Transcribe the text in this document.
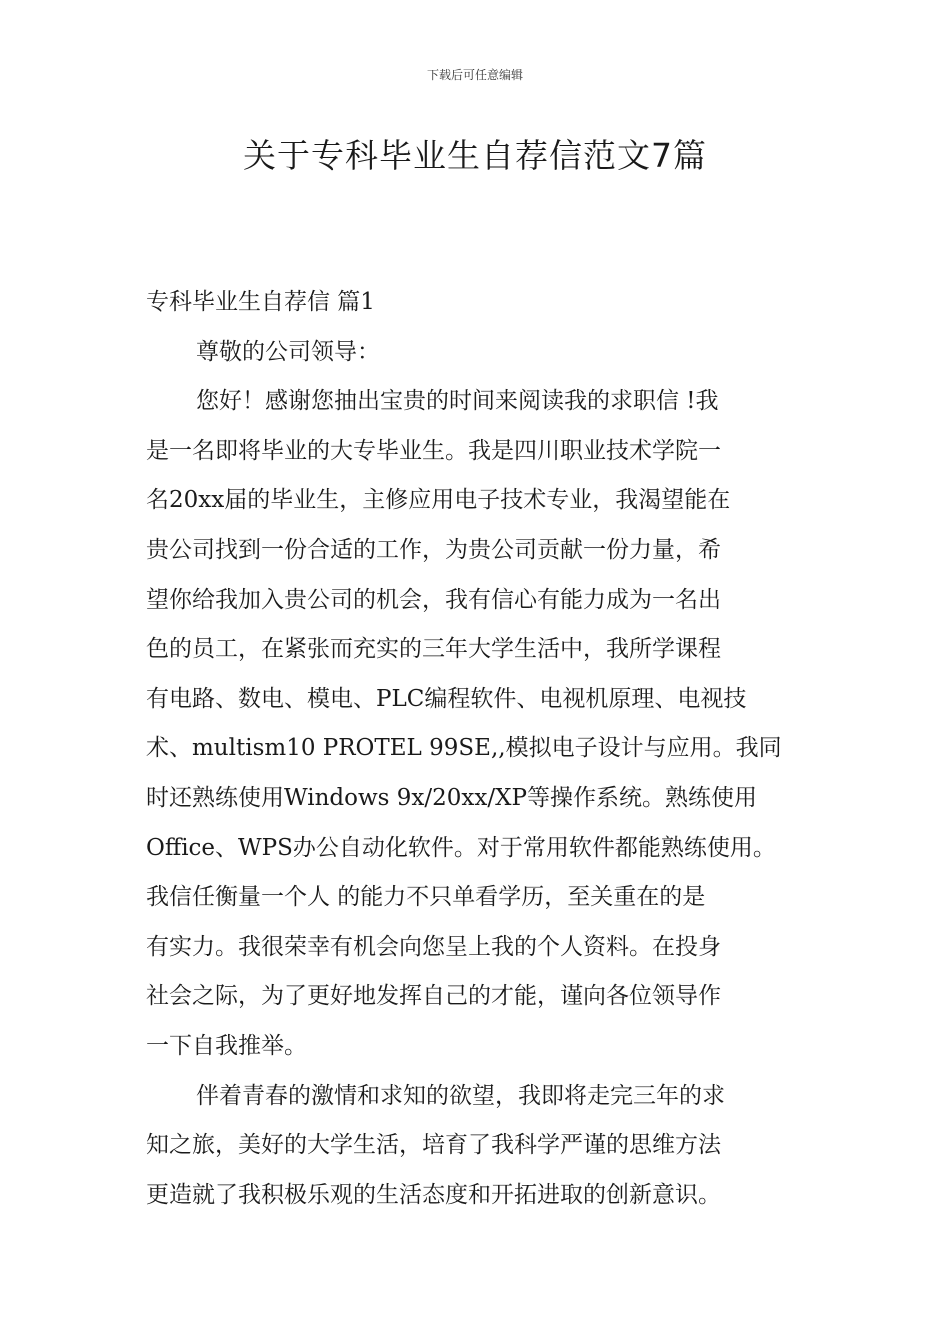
下载后可任意编辑
关于专科毕业生自荐信范文7篇
专科毕业生自荐信 篇1
尊敬的公司领导：
您好！感谢您抽出宝贵的时间来阅读我的求职信 !我
是一名即将毕业的大专毕业生。我是四川职业技术学院一
名20xx届的毕业生，主修应用电子技术专业，我渴望能在
贵公司找到一份合适的工作，为贵公司贡献一份力量，希
望你给我加入贵公司的机会，我有信心有能力成为一名出
色的员工，在紧张而充实的三年大学生活中，我所学课程
有电路、数电、模电、PLC编程软件、电视机原理、电视技
术、multism10 PROTEL 99SE,,模拟电子设计与应用。我同
时还熟练使用Windows 9x/20xx/XP等操作系统。熟练使用
Office、WPS办公自动化软件。对于常用软件都能熟练使用。
我信任衡量一个人 的能力不只单看学历，至关重在的是
有实力。我很荣幸有机会向您呈上我的个人资料。在投身
社会之际，为了更好地发挥自己的才能，谨向各位领导作
一下自我推举。
伴着青春的激情和求知的欲望，我即将走完三年的求
知之旅，美好的大学生活，培育了我科学严谨的思维方法
更造就了我积极乐观的生活态度和开拓进取的创新意识。
